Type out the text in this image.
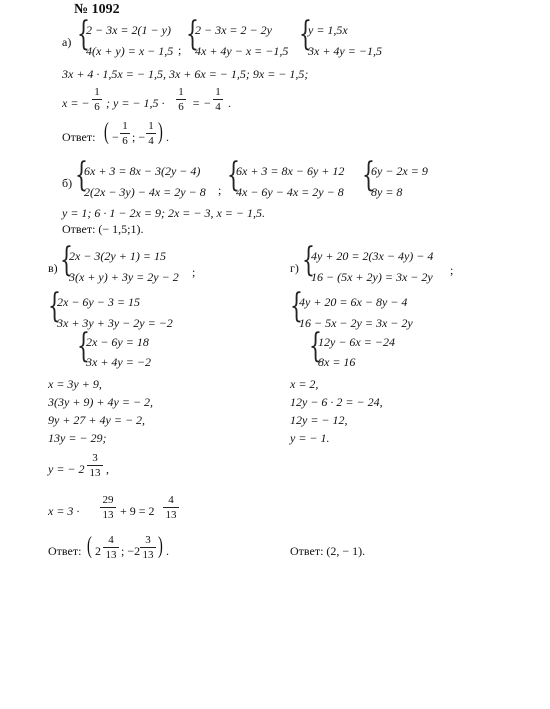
№ 1092
а) {
2 − 3x = 2(1 − y)
4(x + y) = x − 1,5 ; {
2 − 3x = 2 − 2y
4x + 4y − x = −1,5 {
y = 1,5x
3x + 4y = −1,5
3x + 4 · 1,5x = − 1,5, 3x + 6x = − 1,5; 9x = − 1,5;
x = −
1
6 ; y = − 1,5 ·
1
6 = −
1
4 .
Ответ: ( −
1
6 ; −
1
4 ) .
б) {
6x + 3 = 8x − 3(2y − 4)
2(2x − 3y) − 4x = 2y − 8 ; {
6x + 3 = 8x − 6y + 12
4x − 6y − 4x = 2y − 8 {
6y − 2x = 9
8y = 8
y = 1; 6 · 1 − 2x = 9; 2x = − 3, x = − 1,5.
Ответ: (− 1,5;1).
в) {
2x − 3(2y + 1) = 15
3(x + y) + 3y = 2y − 2 ;
{
2x − 6y − 3 = 15
3x + 3y + 3y − 2y = −2
{
2x − 6y = 18
3x + 4y = −2
x = 3y + 9,
3(3y + 9) + 4y = − 2,
9y + 27 + 4y = − 2,
13y = − 29;
y = − 2
3
13 ,
x = 3 ·
29
13 + 9 = 2
4
13
Ответ: ( 2
4
13 ; −2
3
13 ) .
г) {
4y + 20 = 2(3x − 4y) − 4
16 − (5x + 2y) = 3x − 2y ;
{
4y + 20 = 6x − 8y − 4
16 − 5x − 2y = 3x − 2y
{
12y − 6x = −24
8x = 16
x = 2,
12y − 6 · 2 = − 24,
12y = − 12,
y = − 1.
Ответ: (2, − 1).
